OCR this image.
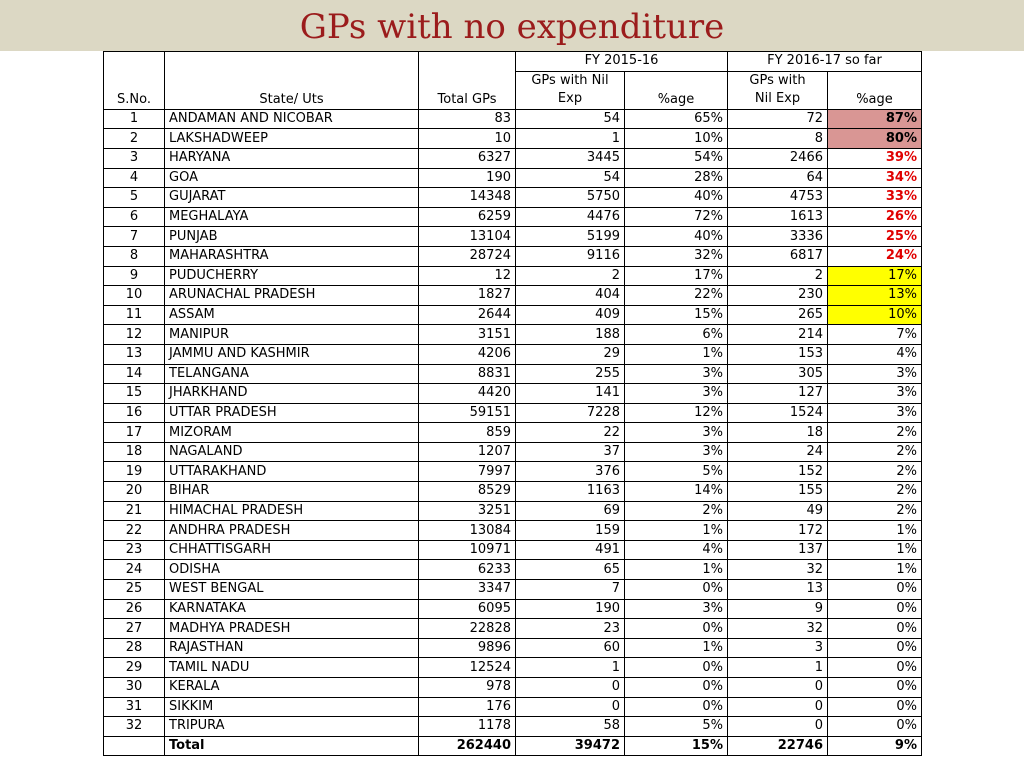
GPs with no expenditure
S.No.	State/ Uts	Total GPs	FY 2015-16		FY 2016-17 so far	
			GPs with Nil	%age	GPs with	%age
			Exp		Nil Exp	
1	ANDAMAN AND NICOBAR	83	54	65%	72	87%
2	LAKSHADWEEP	10	1	10%	8	80%
3	HARYANA	6327	3445	54%	2466	39%
4	GOA	190	54	28%	64	34%
5	GUJARAT	14348	5750	40%	4753	33%
6	MEGHALAYA	6259	4476	72%	1613	26%
7	PUNJAB	13104	5199	40%	3336	25%
8	MAHARASHTRA	28724	9116	32%	6817	24%
9	PUDUCHERRY	12	2	17%	2	17%
10	ARUNACHAL PRADESH	1827	404	22%	230	13%
11	ASSAM	2644	409	15%	265	10%
12	MANIPUR	3151	188	6%	214	7%
13	JAMMU AND KASHMIR	4206	29	1%	153	4%
14	TELANGANA	8831	255	3%	305	3%
15	JHARKHAND	4420	141	3%	127	3%
16	UTTAR PRADESH	59151	7228	12%	1524	3%
17	MIZORAM	859	22	3%	18	2%
18	NAGALAND	1207	37	3%	24	2%
19	UTTARAKHAND	7997	376	5%	152	2%
20	BIHAR	8529	1163	14%	155	2%
21	HIMACHAL PRADESH	3251	69	2%	49	2%
22	ANDHRA PRADESH	13084	159	1%	172	1%
23	CHHATTISGARH	10971	491	4%	137	1%
24	ODISHA	6233	65	1%	32	1%
25	WEST BENGAL	3347	7	0%	13	0%
26	KARNATAKA	6095	190	3%	9	0%
27	MADHYA PRADESH	22828	23	0%	32	0%
28	RAJASTHAN	9896	60	1%	3	0%
29	TAMIL NADU	12524	1	0%	1	0%
30	KERALA	978	0	0%	0	0%
31	SIKKIM	176	0	0%	0	0%
32	TRIPURA	1178	58	5%	0	0%
	Total	262440	39472	15%	22746	9%
